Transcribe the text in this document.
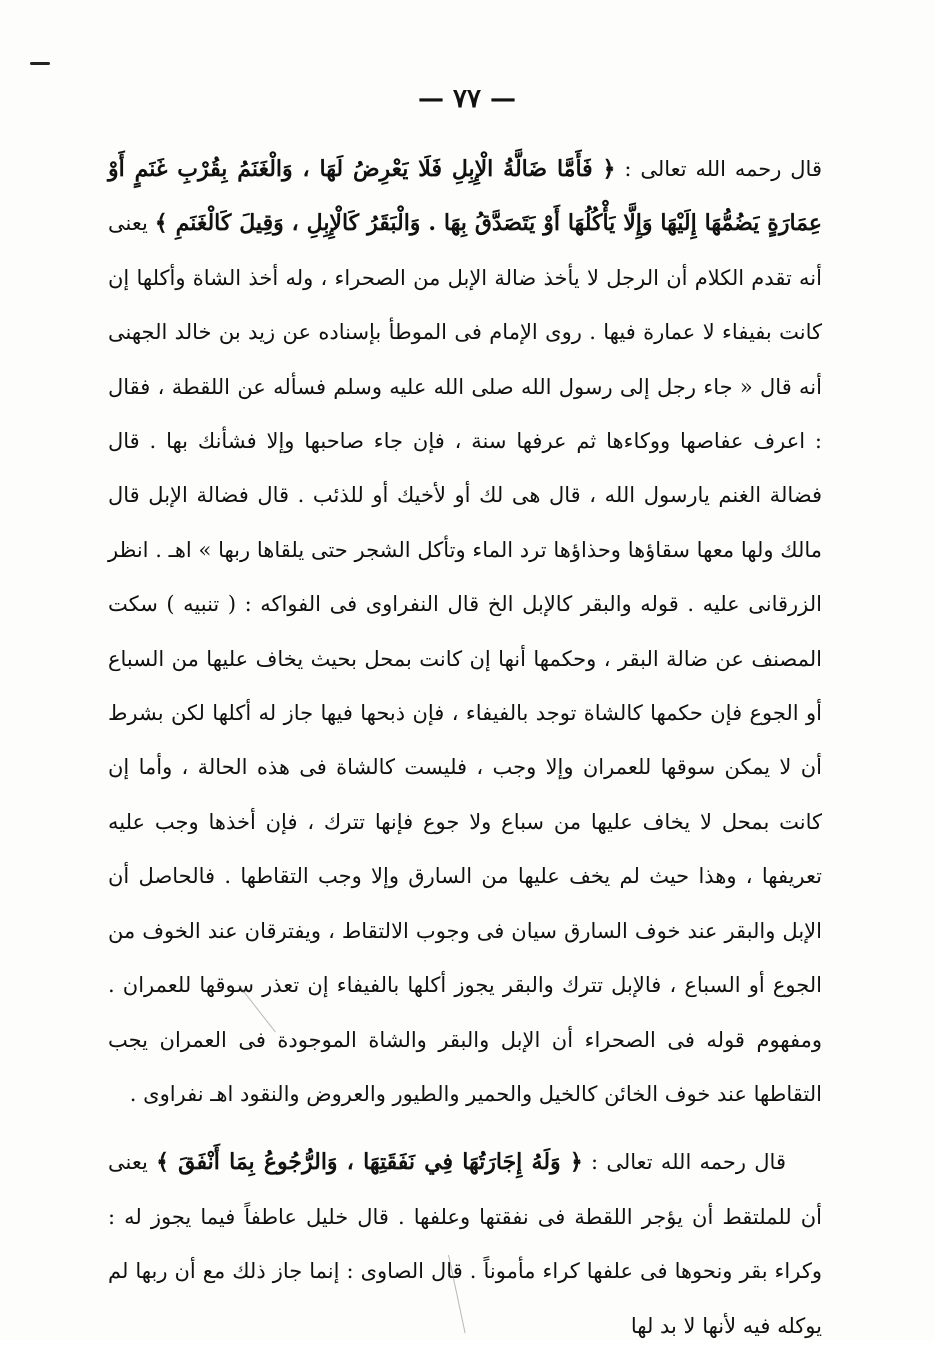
— ٧٧ —

قال رحمه الله تعالى : ﴿ فَأَمَّا ضَالَّةُ الْإِبِلِ فَلَا يَعْرِضُ لَهَا ، وَالْغَنَمُ بِقُرْبِ غَنَمٍ أَوْ عِمَارَةٍ يَضُمُّهَا إِلَيْهَا وَإِلَّا يَأْكُلُهَا أَوْ يَتَصَدَّقُ بِهَا . وَالْبَقَرُ كَالْإِبِلِ ، وَقِيلَ كَالْغَنَمِ ﴾ يعنى أنه تقدم الكلام أن الرجل لا يأخذ ضالة الإبل من الصحراء ، وله أخذ الشاة وأكلها إن كانت بفيفاء لا عمارة فيها . روى الإمام فى الموطأ بإسناده عن زيد بن خالد الجهنى أنه قال « جاء رجل إلى رسول الله صلى الله عليه وسلم فسأله عن اللقطة ، فقال : اعرف عفاصها ووكاءها ثم عرفها سنة ، فإن جاء صاحبها وإلا فشأنك بها . قال فضالة الغنم يارسول الله ، قال هى لك أو لأخيك أو للذئب . قال فضالة الإبل قال مالك ولها معها سقاؤها وحذاؤها ترد الماء وتأكل الشجر حتى يلقاها ربها » اهـ . انظر الزرقانى عليه . قوله والبقر كالإبل الخ قال النفراوى فى الفواكه : ( تنبيه ) سكت المصنف عن ضالة البقر ، وحكمها أنها إن كانت بمحل بحيث يخاف عليها من السباع أو الجوع فإن حكمها كالشاة توجد بالفيفاء ، فإن ذبحها فيها جاز له أكلها لكن بشرط أن لا يمكن سوقها للعمران وإلا وجب ، فليست كالشاة فى هذه الحالة ، وأما إن كانت بمحل لا يخاف عليها من سباع ولا جوع فإنها تترك ، فإن أخذها وجب عليه تعريفها ، وهذا حيث لم يخف عليها من السارق وإلا وجب التقاطها . فالحاصل أن الإبل والبقر عند خوف السارق سيان فى وجوب الالتقاط ، ويفترقان عند الخوف من الجوع أو السباع ، فالإبل تترك والبقر يجوز أكلها بالفيفاء إن تعذر سوقها للعمران . ومفهوم قوله فى الصحراء أن الإبل والبقر والشاة الموجودة فى العمران يجب التقاطها عند خوف الخائن كالخيل والحمير والطيور والعروض والنقود اهـ نفراوى .

قال رحمه الله تعالى : ﴿ وَلَهُ إِجَارَتُهَا فِي نَفَقَتِهَا ، وَالرُّجُوعُ بِمَا أَنْفَقَ ﴾ يعنى أن للملتقط أن يؤجر اللقطة فى نفقتها وعلفها . قال خليل عاطفاً فيما يجوز له : وكراء بقر ونحوها فى علفها كراء مأموناً . قال الصاوى : إنما جاز ذلك مع أن ربها لم يوكله فيه لأنها لا بد لها
